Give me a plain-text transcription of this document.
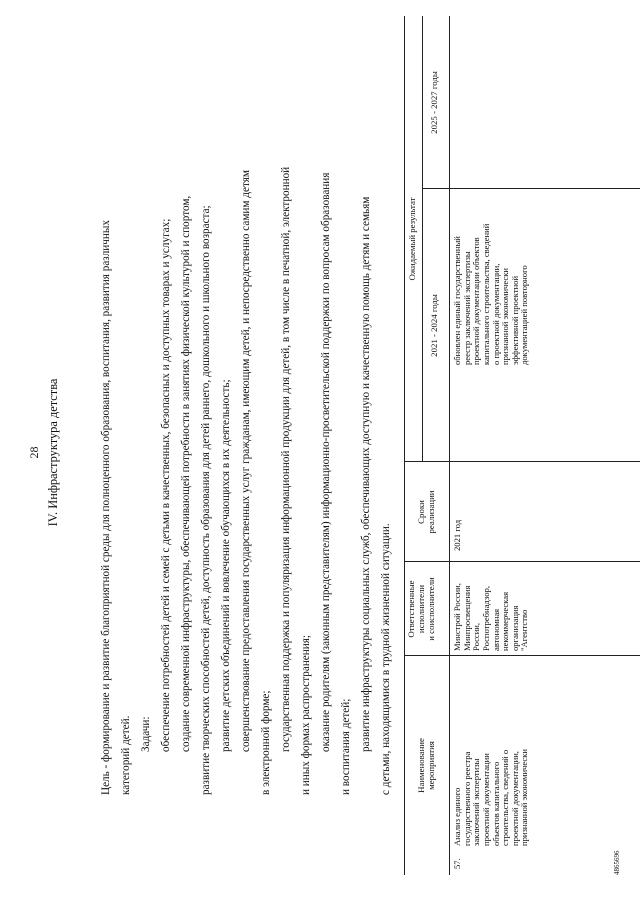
28 IV. Инфраструктура детства	Цель - формирование и развитие благоприятной среды для полноценного образования, воспитания, развития различных категорий детей. Задачи: обеспечение потребностей детей и семей с детьми в качественных, безопасных и доступных товарах и услугах; создание современной инфраструктуры, обеспечивающей потребности в занятиях физической культурой и спортом, развитие творческих способностей детей, доступность образования для детей раннего, дошкольного и школьного возраста; развитие детских объединений и вовлечение обучающихся в их деятельность; совершенствование предоставления государственных услуг гражданам, имеющим детей, и непосредственно самим детям в электронной форме; государственная поддержка и популяризация информационной продукции для детей, в том числе в печатной, электронной и иных формах распространения; оказание родителям (законным представителям) информационно-просветительской поддержки по вопросам образования и воспитания детей; развитие инфраструктуры социальных служб, обеспечивающих доступную и качественную помощь детям и семьям с детьми, находящимися в трудной жизненной ситуации.	Наименование мероприятия
Ответственные исполнители и соисполнители
Сроки реализации
Ожидаемый результат
2021 - 2024 годы
2025 - 2027 годы
57.
Анализ единого государственного реестра заключений экспертизы проектной документации объектов капитального строительства, сведений о проектной документации, признанной экономически
Минстрой России, Минпросвещения России, Роспотребнадзор, автономная некоммерческая организация "Агентство
2021 год
обновлен единый государственный реестр заключений экспертизы проектной документации объектов капитального строительства, сведений о проектной документации, признанной экономически эффективной проектной документацией повторного
4865696
